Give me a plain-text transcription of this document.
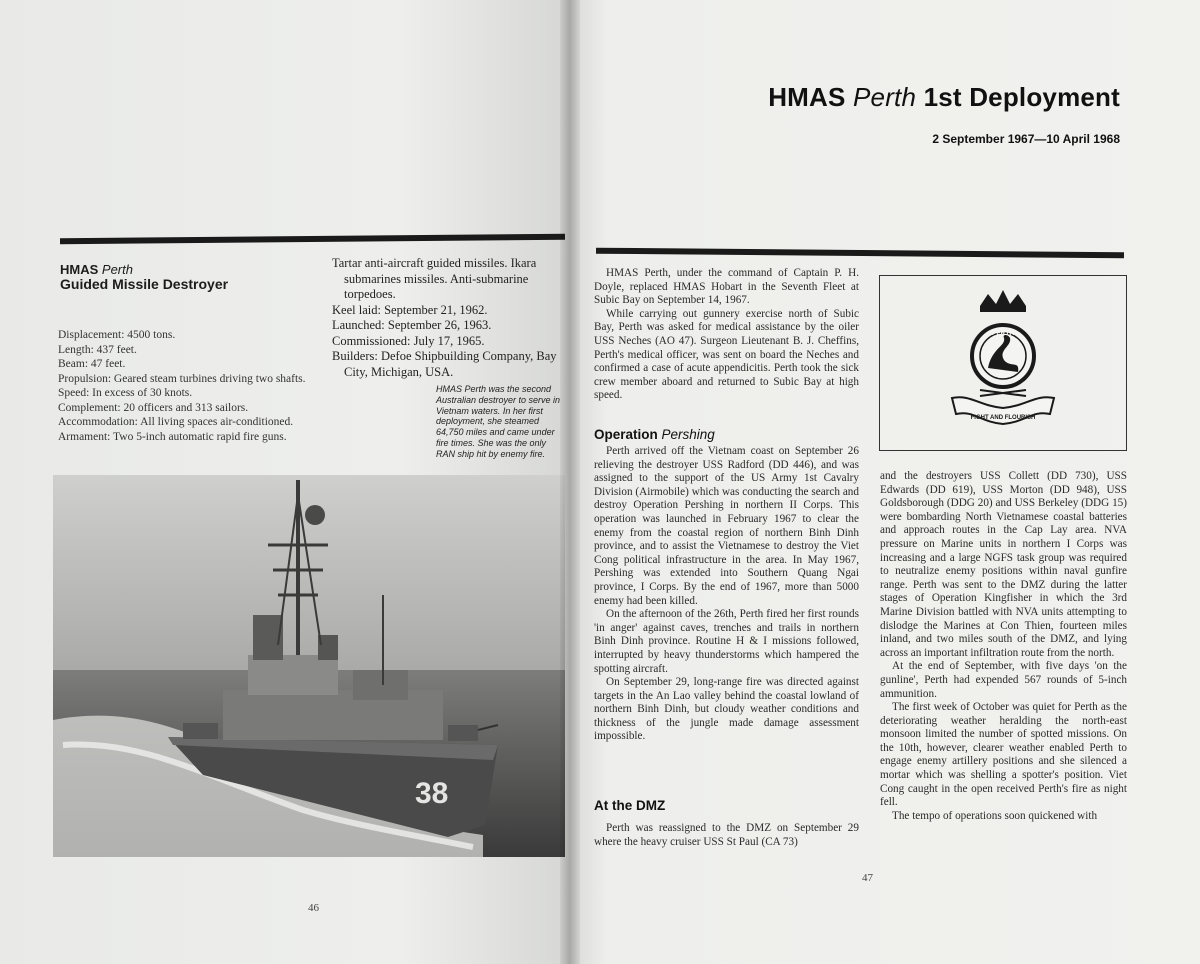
HMAS Perth
Guided Missile Destroyer
Displacement: 4500 tons.
Length: 437 feet.
Beam: 47 feet.
Propulsion: Geared steam turbines driving two shafts.
Speed: In excess of 30 knots.
Complement: 20 officers and 313 sailors.
Accommodation: All living spaces air-conditioned.
Armament: Two 5-inch automatic rapid fire guns.
Tartar anti-aircraft guided missiles. Ikara submarines missiles. Anti-submarine torpedoes.
Keel laid: September 21, 1962.
Launched: September 26, 1963.
Commissioned: July 17, 1965.
Builders: Defoe Shipbuilding Company, Bay City, Michigan, USA.
HMAS Perth was the second Australian destroyer to serve in Vietnam waters. In her first deployment, she steamed 64,750 miles and came under fire times. She was the only RAN ship hit by enemy fire.
38
46
HMAS Perth 1st Deployment
2 September 1967—10 April 1968

HMAS Perth, under the command of Captain P. H. Doyle, replaced HMAS Hobart in the Seventh Fleet at Subic Bay on September 14, 1967.

While carrying out gunnery exercise north of Subic Bay, Perth was asked for medical assistance by the oiler USS Neches (AO 47). Surgeon Lieutenant B. J. Cheffins, Perth's medical officer, was sent on board the Neches and confirmed a case of acute appendicitis. Perth took the sick crew member aboard and returned to Subic Bay at high speed.

Operation Pershing

Perth arrived off the Vietnam coast on September 26 relieving the destroyer USS Radford (DD 446), and was assigned to the support of the US Army 1st Cavalry Division (Airmobile) which was conducting the search and destroy Operation Pershing in northern II Corps. This operation was launched in February 1967 to clear the enemy from the coastal region of northern Binh Dinh province, and to assist the Vietnamese to destroy the Viet Cong political infrastructure in the area. In May 1967, Pershing was extended into Southern Quang Ngai province, I Corps. By the end of 1967, more than 5000 enemy had been killed.

On the afternoon of the 26th, Perth fired her first rounds 'in anger' against caves, trenches and trails in northern Binh Dinh province. Routine H & I missions followed, interrupted by heavy thunderstorms which hampered the spotting aircraft.

On September 29, long-range fire was directed against targets in the An Lao valley behind the coastal lowland of northern Binh Dinh, but cloudy weather conditions and thickness of the jungle made damage assessment impossible.

At the DMZ

Perth was reassigned to the DMZ on September 29 where the heavy cruiser USS St Paul (CA 73)

PERTH
FIGHT AND FLOURISH

and the destroyers USS Collett (DD 730), USS Edwards (DD 619), USS Morton (DD 948), USS Goldsborough (DDG 20) and USS Berkeley (DDG 15) were bombarding North Vietnamese coastal batteries and approach routes in the Cap Lay area. NVA pressure on Marine units in northern I Corps was increasing and a large NGFS task group was required to neutralize enemy positions within naval gunfire range. Perth was sent to the DMZ during the latter stages of Operation Kingfisher in which the 3rd Marine Division battled with NVA units attempting to dislodge the Marines at Con Thien, fourteen miles inland, and two miles south of the DMZ, and lying across an important infiltration route from the north.

At the end of September, with five days 'on the gunline', Perth had expended 567 rounds of 5-inch ammunition.

The first week of October was quiet for Perth as the deteriorating weather heralding the north-east monsoon limited the number of spotted missions. On the 10th, however, clearer weather enabled Perth to engage enemy artillery positions and she silenced a mortar which was shelling a spotter's position. Viet Cong caught in the open received Perth's fire as night fell.

The tempo of operations soon quickened with

47
